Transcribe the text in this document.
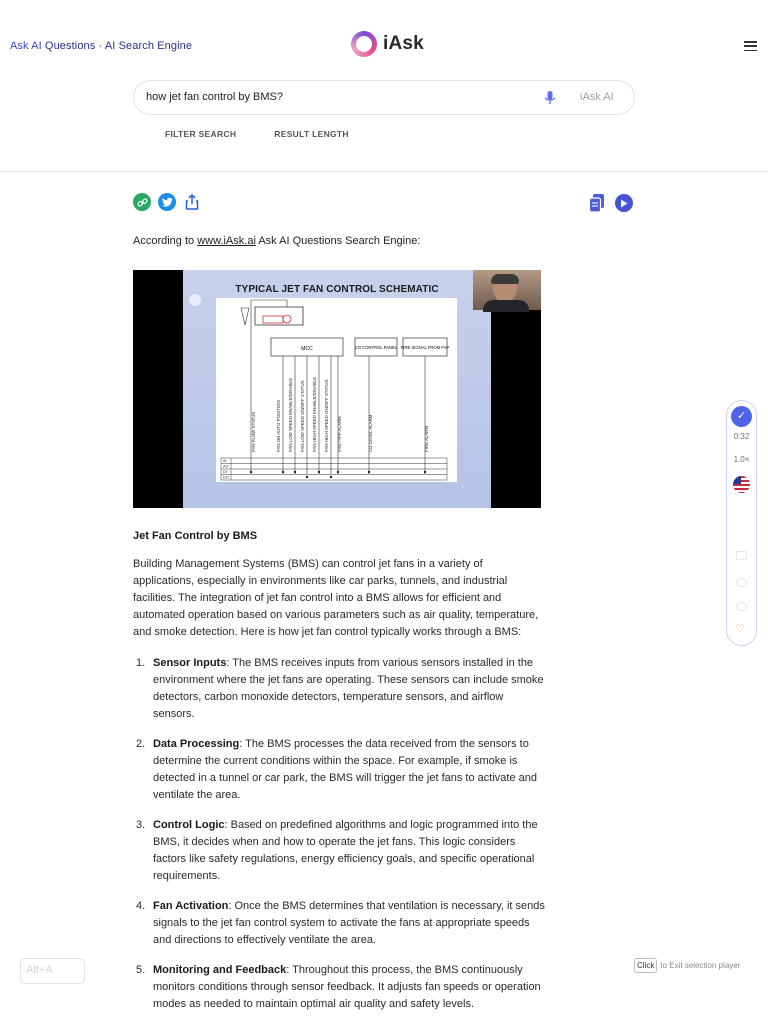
Ask AI Questions · AI Search Engine	iAsk
how jet fan control by BMS?	iAsk AI
FILTER SEARCH	RESULT LENGTH
According to www.iAsk.ai Ask AI Questions Search Engine:
TYPICAL JET FAN CONTROL SCHEMATIC
MCC	CO CONTROL PANEL FIRE SIGNAL FROM FAP
FAN FLOW STATUS	FAN ON AUTO POSITION FAN LOW SPEED ENABLE/DISABLE FAN LOW SPEED ON/OFF STATUS FAN HIGH SPEED ENABLE/DISABLE FAN HIGH SPEED ON/OFF STATUS FAN TRIP ALARM	CO LEVEL ALARM	FIRE ALARM
AI
AO
DI
DO
Jet Fan Control by BMS
Building Management Systems (BMS) can control jet fans in a variety of applications, especially in environments like car parks, tunnels, and industrial facilities. The integration of jet fan control into a BMS allows for efficient and automated operation based on various parameters such as air quality, temperature, and smoke detection. Here is how jet fan control typically works through a BMS:
1. Sensor Inputs: The BMS receives inputs from various sensors installed in the environment where the jet fans are operating. These sensors can include smoke detectors, carbon monoxide detectors, temperature sensors, and airflow sensors.
2. Data Processing: The BMS processes the data received from the sensors to determine the current conditions within the space. For example, if smoke is detected in a tunnel or car park, the BMS will trigger the jet fans to activate and ventilate the area.
3. Control Logic: Based on predefined algorithms and logic programmed into the BMS, it decides when and how to operate the jet fans. This logic considers factors like safety regulations, energy efficiency goals, and specific operational requirements.
4. Fan Activation: Once the BMS determines that ventilation is necessary, it sends signals to the jet fan control system to activate the fans at appropriate speeds and directions to effectively ventilate the area.
5. Monitoring and Feedback: Throughout this process, the BMS continuously monitors conditions through sensor feedback. It adjusts fan speeds or operation modes as needed to maintain optimal air quality and safety levels.
✓
0:32
1.0×
♡
Alt+A	Click to Exit selection player
